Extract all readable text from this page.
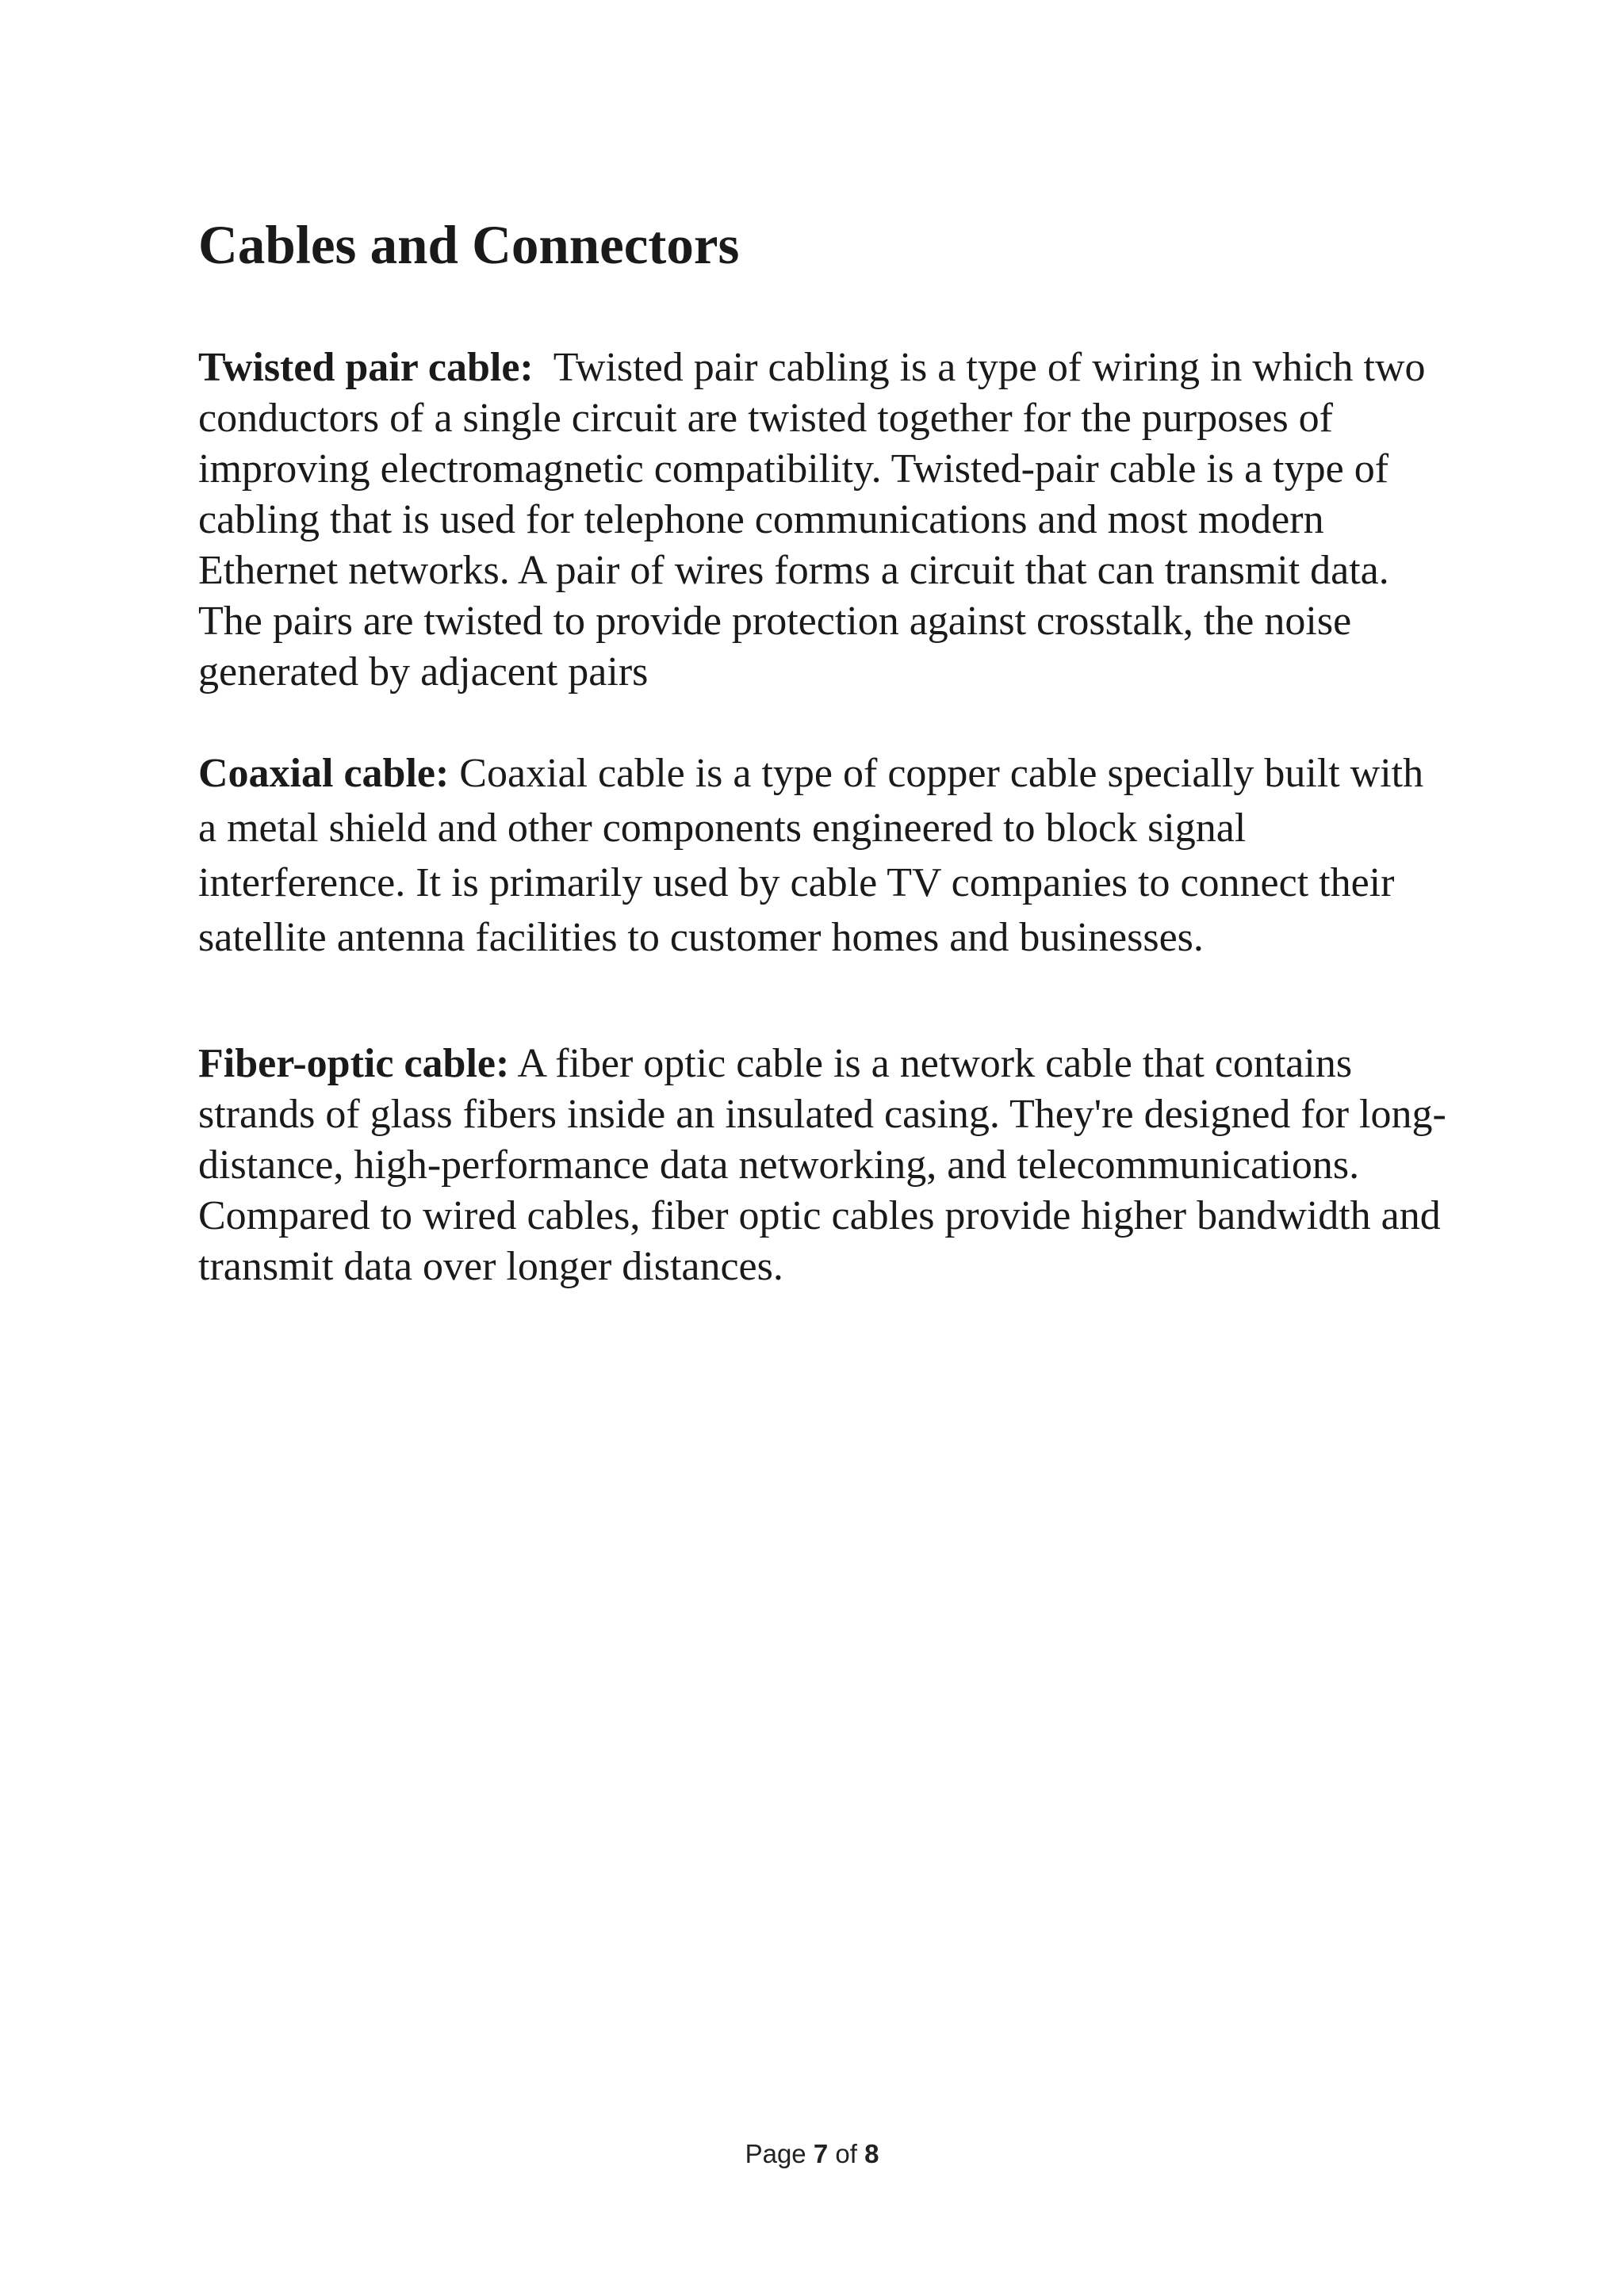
Cables and Connectors

Twisted pair cable: Twisted pair cabling is a type of wiring in which two conductors of a single circuit are twisted together for the purposes of improving electromagnetic compatibility. Twisted-pair cable is a type of cabling that is used for telephone communications and most modern Ethernet networks. A pair of wires forms a circuit that can transmit data. The pairs are twisted to provide protection against crosstalk, the noise generated by adjacent pairs

Coaxial cable: Coaxial cable is a type of copper cable specially built with a metal shield and other components engineered to block signal interference. It is primarily used by cable TV companies to connect their satellite antenna facilities to customer homes and businesses.

Fiber-optic cable: A fiber optic cable is a network cable that contains strands of glass fibers inside an insulated casing. They're designed for long-distance, high-performance data networking, and telecommunications. Compared to wired cables, fiber optic cables provide higher bandwidth and transmit data over longer distances.

Page 7 of 8
